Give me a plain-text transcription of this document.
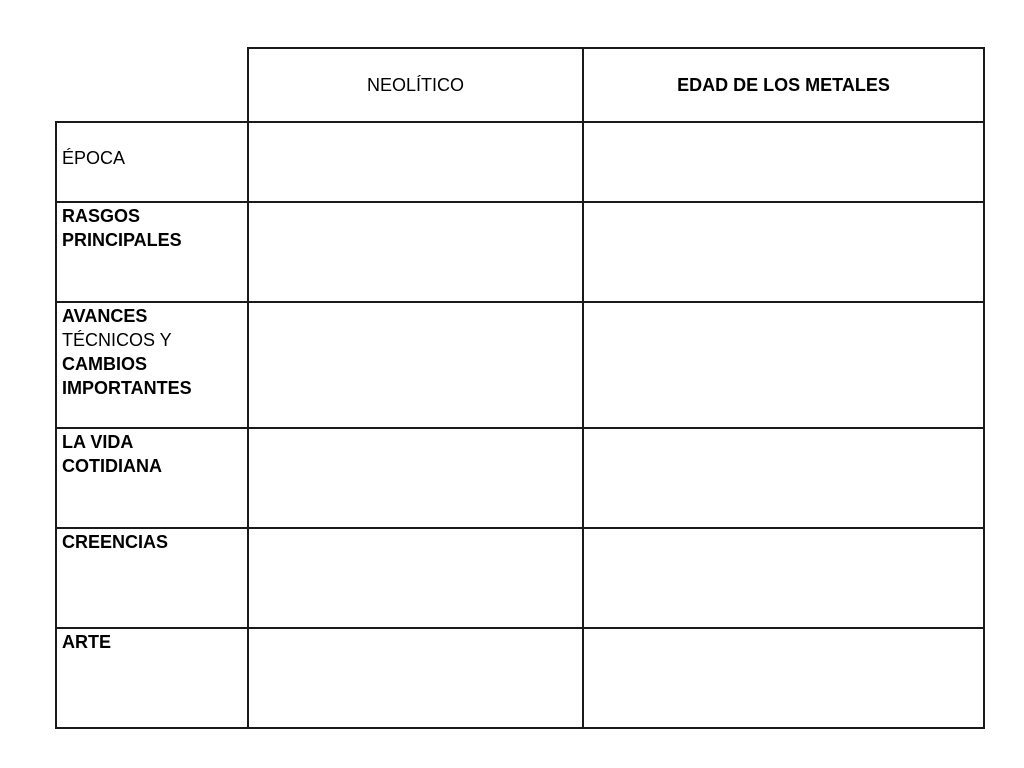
NEOLÍTICO	EDAD DE LOS METALES
ÉPOCA
RASGOS
PRINCIPALES
AVANCES
TÉCNICOS Y
CAMBIOS
IMPORTANTES
LA VIDA
COTIDIANA
CREENCIAS
ARTE
